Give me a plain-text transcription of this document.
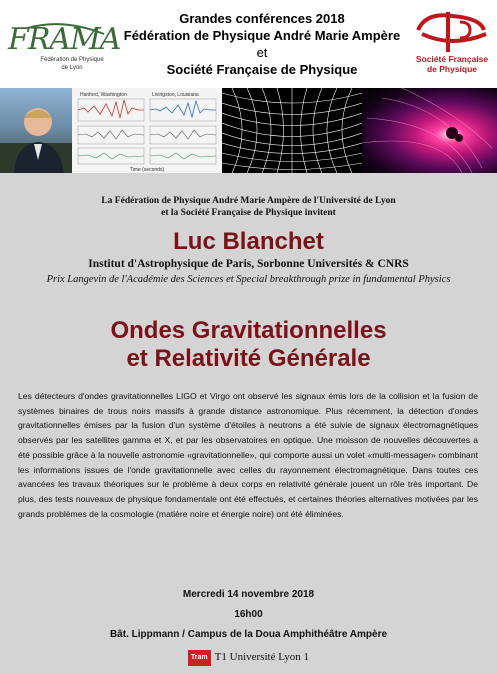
FRAMA
Fédération de Physique
de Lyon
Grandes conférences 2018
Fédération de Physique André Marie Ampère
et
Société Française de Physique
Société Française
de Physique
Hanford, Washington	Livingston, Louisiana
Time (seconds)
La Fédération de Physique André Marie Ampère de l'Université de Lyon
et la Société Française de Physique invitent
Luc Blanchet
Institut d'Astrophysique de Paris, Sorbonne Universités & CNRS
Prix Langevin de l'Académie des Sciences et Special breakthrough prize in fundamental Physics
Ondes Gravitationnelles
et Relativité Générale
Les détecteurs d'ondes gravitationnelles LIGO et Virgo ont observé les signaux émis lors de la collision et la fusion de systèmes binaires de trous noirs massifs à grande distance astronomique. Plus récemment, la détection d'ondes gravitationnelles émises par la fusion d'un système d'étoiles à neutrons a été suivie de signaux électromagnétiques observés par les satellites gamma et X, et par les observatoires en optique. Une moisson de nouvelles découvertes a été possible grâce à la nouvelle astronomie «gravitationnelle», qui comporte aussi un volet «multi-messager» combinant les informations issues de l'onde gravitationnelle avec celles du rayonnement électromagnétique. Dans toutes ces avancées les travaux théoriques sur le problème à deux corps en relativité générale jouent un rôle très important. De plus, des tests nouveaux de physique fondamentale ont été effectués, et certaines théories alternatives motivées par les grands problèmes de la cosmologie (matière noire et énergie noire) ont été éliminées.
Mercredi 14 novembre 2018
16h00
Bât. Lippmann / Campus de la Doua Amphithéâtre Ampère
Tram T1 Université Lyon 1
